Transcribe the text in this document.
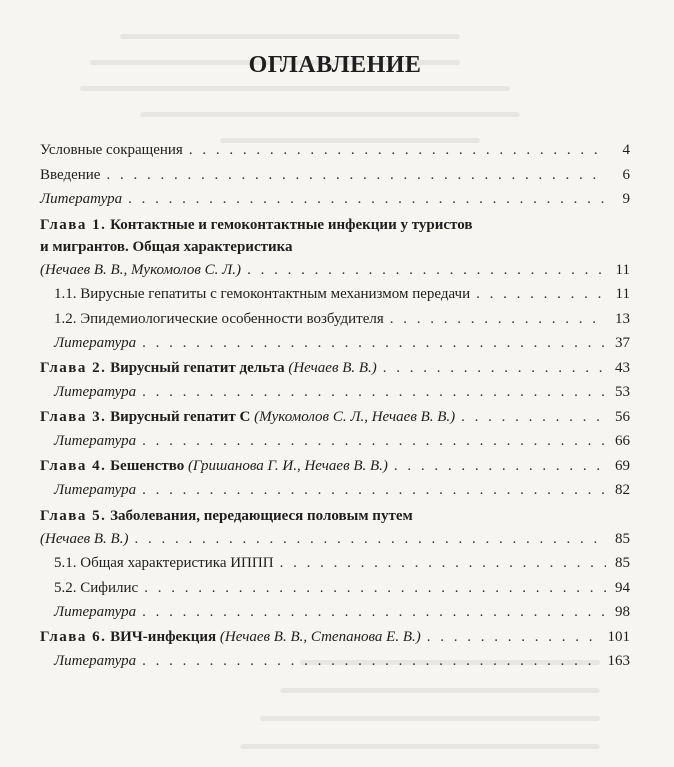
ОГЛАВЛЕНИЕ
Условные сокращения . . .	4
Введение . . .	6
Литература . . .	9
Глава 1. Контактные и гемоконтактные инфекции у туристов
и мигрантов. Общая характеристика
(Нечаев В. В., Мукомолов С. Л.) . . .	11
1.1. Вирусные гепатиты с гемоконтактным механизмом передачи . . .	11
1.2. Эпидемиологические особенности возбудителя . . .	13
Литература . . .	37
Глава 2. Вирусный гепатит дельта
(Нечаев В. В.) . . .	43
Литература . . .	53
Глава 3. Вирусный гепатит С
(Мукомолов С. Л., Нечаев В. В.) . . .	56
Литература . . .	66
Глава 4. Бешенство
(Гришанова Г. И., Нечаев В. В.) . . .	69
Литература . . .	82
Глава 5. Заболевания, передающиеся половым путем
(Нечаев В. В.) . . .	85
5.1. Общая характеристика ИППП . . .	85
5.2. Сифилис . . .	94
Литература . . .	98
Глава 6. ВИЧ-инфекция
(Нечаев В. В., Степанова Е. В.) . . .	101
Литература . . .	163
